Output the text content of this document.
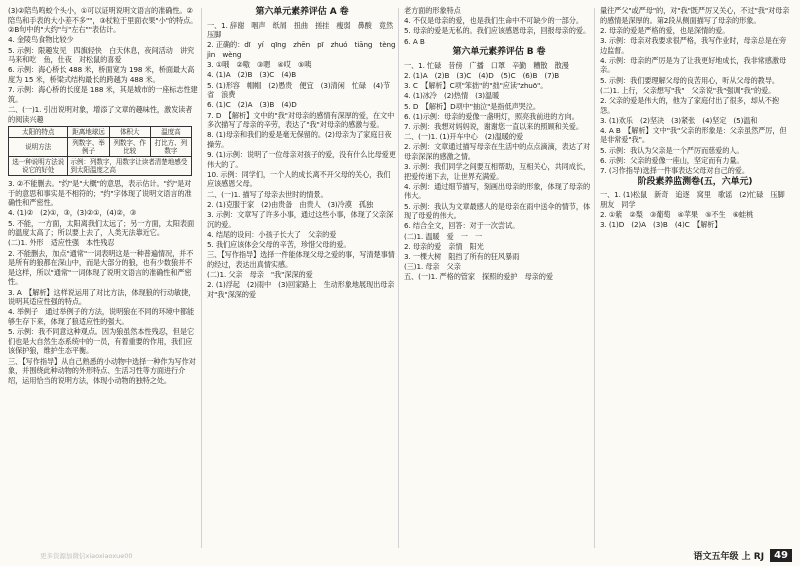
(3)②陪鸟鸣蛟个头小，①可以证明说明文语言的准确性。②陪鸟和手表的大小差不多""，③杖粒于里面衣果"小"的特点。②B句中的"大约"与"左右""表估计。

4. 金陵鸟食物比较少

5. 示例：限趣发见　四旗轻快　白天休息，夜间活动　讲究　马来和吃　鱼，仕夜　对松鼠的喜爱

6. 示例：海心桥长 488 米，桥面宽为 198 米，桥面最大高度为 15 米，桥梁式结构最长的跨越为 488 米。

7. 示例：海心桥的长度是 188 米，其是城市的一座标志性建筑。

二、(一)1. 引出说明对象，增添了文章的趣味性，激发读者的阅读兴趣

太阳的特点	距离地球远	体积大	温度高
说明方法	列数字、举例子	列数字、作比较	打比方、列数字
选一种说明方法说说它的好处	示例：列数字，用数字让读者清楚地感受到太阳温度之高		

3. ②不能删去。"约"是"大概"的意思，表示估计。"约"是对于的意思和事实是不相符的；"约"字体现了说明文语言的准确性和严密性。

4. (1)②　(2)①，③，(3)②①，(4)②，③

5. 不能，一方面，太阳离我们太远了；另一方面，太阳表面的温度太高了；所以要上去了，人类无法靠近它。

(二)1. 外形　适应性强　本性残忍

2. 不能删去，加点"通常"一词表明这是一种普遍情况，并不是所有的狼都在深山中，而是大部分的狼，也有少数狼并不是这样，所以"通常"一词体现了说明文语言的准确性和严密性。

3. A　【解析】这样说运用了对比方法，体现狼的行动敏捷，说明其适应性强的特点。

4. 举例子　通过举例子的方法，说明狼在不同的环境中都能够生存下来，体现了狼适应性的强大。

5. 示例：我不同意这种观点。因为狼虽然本性残忍，但是它们也是大自然生态系统中的一员，有着重要的作用，我们应该保护狼，维护生态平衡。

三、【写作指导】从自己熟悉的小动物中选择一种作为写作对象，并围绕此种动物的外形特点、生活习性等方面进行介绍，运用恰当的说明方法，体现小动物的独特之处。

第六单元素养评估 A 卷

一、1. 辞谢　咽声　纸屑　扭曲　搓挂　瘦弱　鼻酸　竟然　压脚

2. 正确的：dī　yí　qīng　zhēn　pī　zhuó　tiāng　tèng　jìn　wèng

3. ①哦　②嗷　③嗯　④哎　⑤咦

4. (1)A　(2)B　(3)C　(4)B

5. (1)形容　帽帽　(2)愚贵　便宜　(3)清闲　忙碌　(4)节省　浪费

6. (1)C　(2)A　(3)B　(4)D

7. D　【解析】文中的"我"对母亲的感情有深厚的爱，在文中多次描写了母亲的辛劳，表达了"我"对母亲的感激与爱。

8. (1)母亲和我们的爱是毫无保留的。(2)母亲为了家庭日夜操劳。

9. (1)示例：说明了一位母亲对孩子的爱，没有什么比母爱更伟大的了。

10. 示例：同学们，一个人的成长离不开父母的关心，我们应该感恩父母。

二、(一)1. 描写了母亲去世时的情景。

2. (1)克服于家　(2)由贵备　由贵人　(3)冷漠　孤独

3. 示例：文章写了许多小事，通过这些小事，体现了父亲深沉的爱。

4. 结尾的设问：小孩子长大了　父亲的爱

5. 我们应该体会父母的辛苦，珍惜父母的爱。

三、【写作指导】选择一件能体现父母之爱的事，写清楚事情的经过，表达出真情实感。

(二)1. 父亲　母亲　"我"深深的爱

2. (1)浮起　(2)雨中　(3)回家路上　生动形象地展现出母亲对"我"深深的爱

老方面的形象特点

4. 不仅是母亲的爱，也是我们生命中不可缺少的一部分。

5. 母亲的爱是无私的。我们应该感恩母亲，回报母亲的爱。

6. A B

第六单元素养评估 B 卷

一、1. 忙碌　昔傍　广播　口罩　辛勤　糟散　散漫

2. (1)A　(2)B　(3)C　(4)D　(5)C　(6)B　(7)B

3. C　【解析】C项"笨拙"的"拙"应读"zhuō"。

4. (1)冰冷　(2)热情　(3)温暖

5. D　【解析】D项中"抽泣"是指低声哭泣。

6. (1)示例：母亲的爱像一盏明灯，照亮我前进的方向。

7. 示例：我想对妈妈说，谢谢您一直以来的照顾和关爱。

二、(一)1. (1)开车中心　(2)温暖的爱

2. 示例：文章通过描写母亲在生活中的点点滴滴，表达了对母亲深深的感激之情。

3. 示例：我们同学之间要互相帮助，互相关心，共同成长，把爱传递下去，让世界充满爱。

4. 示例：通过细节描写，刻画出母亲的形象，体现了母亲的伟大。

5. 示例：我认为文章最感人的是母亲在雨中送伞的情节，体现了母爱的伟大。

6. 结合全文，回答：对于一次尝试。

(二)1. 温暖　爱　一　一

2. 母亲的爱　亲情　阳光

3. 一棵大树　阻挡了所有的狂风暴雨

(三)1. 母亲　父亲

五、(一)1. 严格的管家　探照的爱护　母亲的爱

量往严父"或严母"的，对"我"既严厉又关心，不过"我"对母亲的感情是深厚的。第2段从侧面描写了母亲的形象。

2. 母亲的爱是严格的爱，也是深情的爱。

3. 示例：母亲对我要求很严格，我写作业时，母亲总是在旁边监督。

4. 示例：母亲的严厉是为了让我更好地成长，我非常感激母亲。

5. 示例：我们要理解父母的良苦用心，听从父母的教导。

(二)1. 上行，父亲想写"我"　父亲说"我"强调"我"的爱。

2. 父亲的爱是伟大的，他为了家庭付出了很多，却从不抱怨。

3. (1)欢乐　(2)坚决　(3)紧张　(4)坚定　(5)温和

4. A B　【解析】文中"我"父亲的形象是：父亲虽然严厉，但是非常爱"我"。

5. 示例：我认为父亲是一个严厉而慈爱的人。

6. 示例：父亲的爱像一座山，坚定而有力量。

7. (习作指导)选择一件事表达父母对自己的爱。

阶段素养监测卷(五，六单元)

一、1. (1)松鼠　新奇　追逐　窝里　歌谣　(2)忙碌　压脚　朋友　同学

2. ①紫　②梨　③葡萄　④苹果　⑤不生　⑥蛙桃

3. (1)D　(2)A　(3)B　(4)C　【解析】

更多资源加微信xiaoxiaoxue00	语文五年级 上 RJ	49
